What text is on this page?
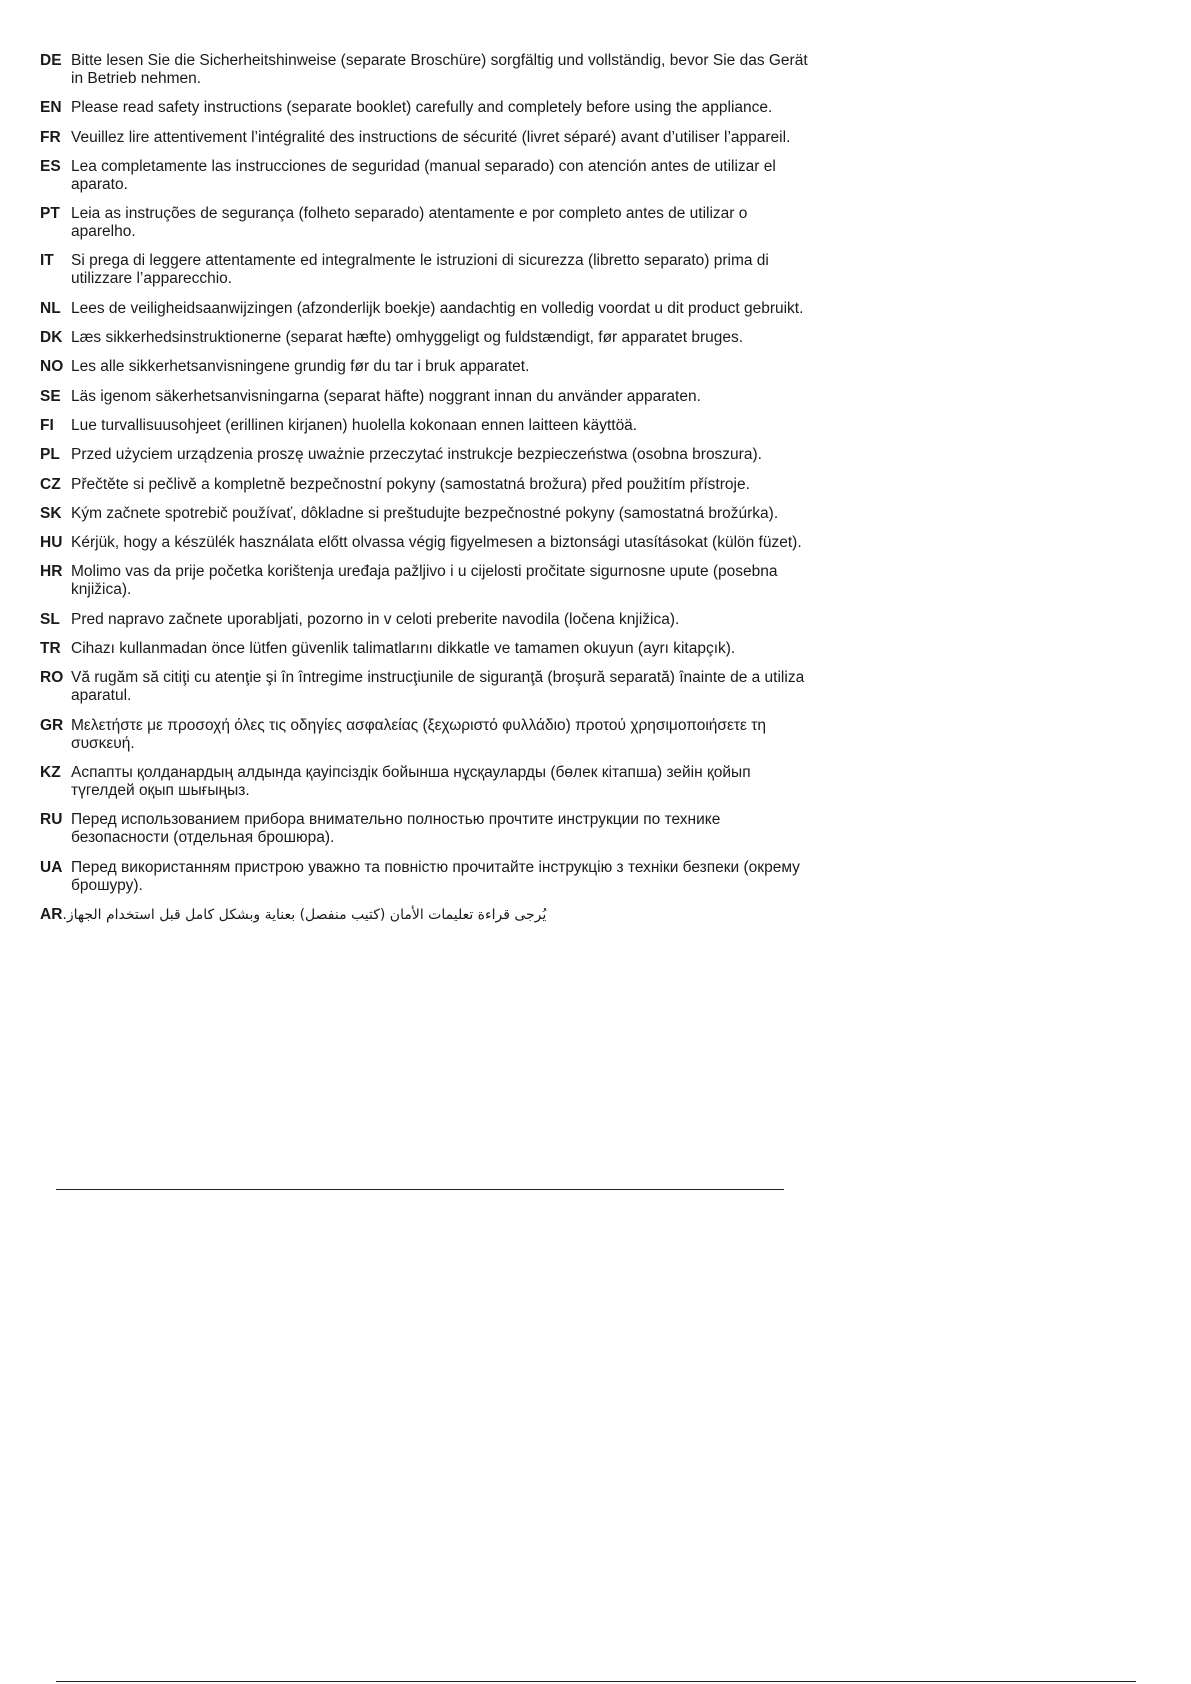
DE Bitte lesen Sie die Sicherheitshinweise (separate Broschüre) sorgfältig und vollständig, bevor Sie das Gerät in Betrieb nehmen.
EN Please read safety instructions (separate booklet) carefully and completely before using the appliance.
FR Veuillez lire attentivement l’intégralité des instructions de sécurité (livret séparé) avant d’utiliser l’appareil.
ES Lea completamente las instrucciones de seguridad (manual separado) con atención antes de utilizar el aparato.
PT Leia as instruções de segurança (folheto separado) atentamente e por completo antes de utilizar o aparelho.
IT	Si prega di leggere attentamente ed integralmente le istruzioni di sicurezza (libretto separato) prima di utilizzare l’apparecchio.
NL Lees de veiligheidsaanwijzingen (afzonderlijk boekje) aandachtig en volledig voordat u dit product gebruikt.
DK Læs sikkerhedsinstruktionerne (separat hæfte) omhyggeligt og fuldstændigt, før apparatet bruges.
NO Les alle sikkerhetsanvisningene grundig før du tar i bruk apparatet.
SE Läs igenom säkerhetsanvisningarna (separat häfte) noggrant innan du använder apparaten.
FI	Lue turvallisuusohjeet (erillinen kirjanen) huolella kokonaan ennen laitteen käyttöä.
PL Przed użyciem urządzenia proszę uważnie przeczytać instrukcje bezpieczeństwa (osobna broszura).
CZ Přečtěte si pečlivě a kompletně bezpečnostní pokyny (samostatná brožura) před použitím přístroje.
SK Kým začnete spotrebič používať, dôkladne si preštudujte bezpečnostné pokyny (samostatná brožúrka).
HU Kérjük, hogy a készülék használata előtt olvassa végig figyelmesen a biztonsági utasításokat (külön füzet).
HR Molimo vas da prije početka korištenja uređaja pažljivo i u cijelosti pročitate sigurnosne upute (posebna knjižica).
SL Pred napravo začnete uporabljati, pozorno in v celoti preberite navodila (ločena knjižica).
TR Cihazı kullanmadan önce lütfen güvenlik talimatlarını dikkatle ve tamamen okuyun (ayrı kitapçık).
RO Vă rugăm să citiţi cu atenţie şi în întregime instrucţiunile de siguranţă (broşură separată) înainte de a utiliza aparatul.
GR Μελετήστε με προσοχή όλες τις οδηγίες ασφαλείας (ξεχωριστό φυλλάδιο) προτού χρησιμοποιήσετε τη συσκευή.
KZ Аспапты қолданардың алдында қауіпсіздік бойынша нұсқауларды (бөлек кітапша) зейін қойып түгелдей оқып шығыңыз.
RU Перед использованием прибора внимательно полностью прочтите инструкции по технике безопасности (отдельная брошюра).
UA Перед використанням пристрою уважно та повністю прочитайте інструкцію з техніки безпеки (окрему брошуру).
AR يُرجى قراءة تعليمات الأمان (كتيب منفصل) بعناية وبشكل كامل قبل استخدام الجهاز.
